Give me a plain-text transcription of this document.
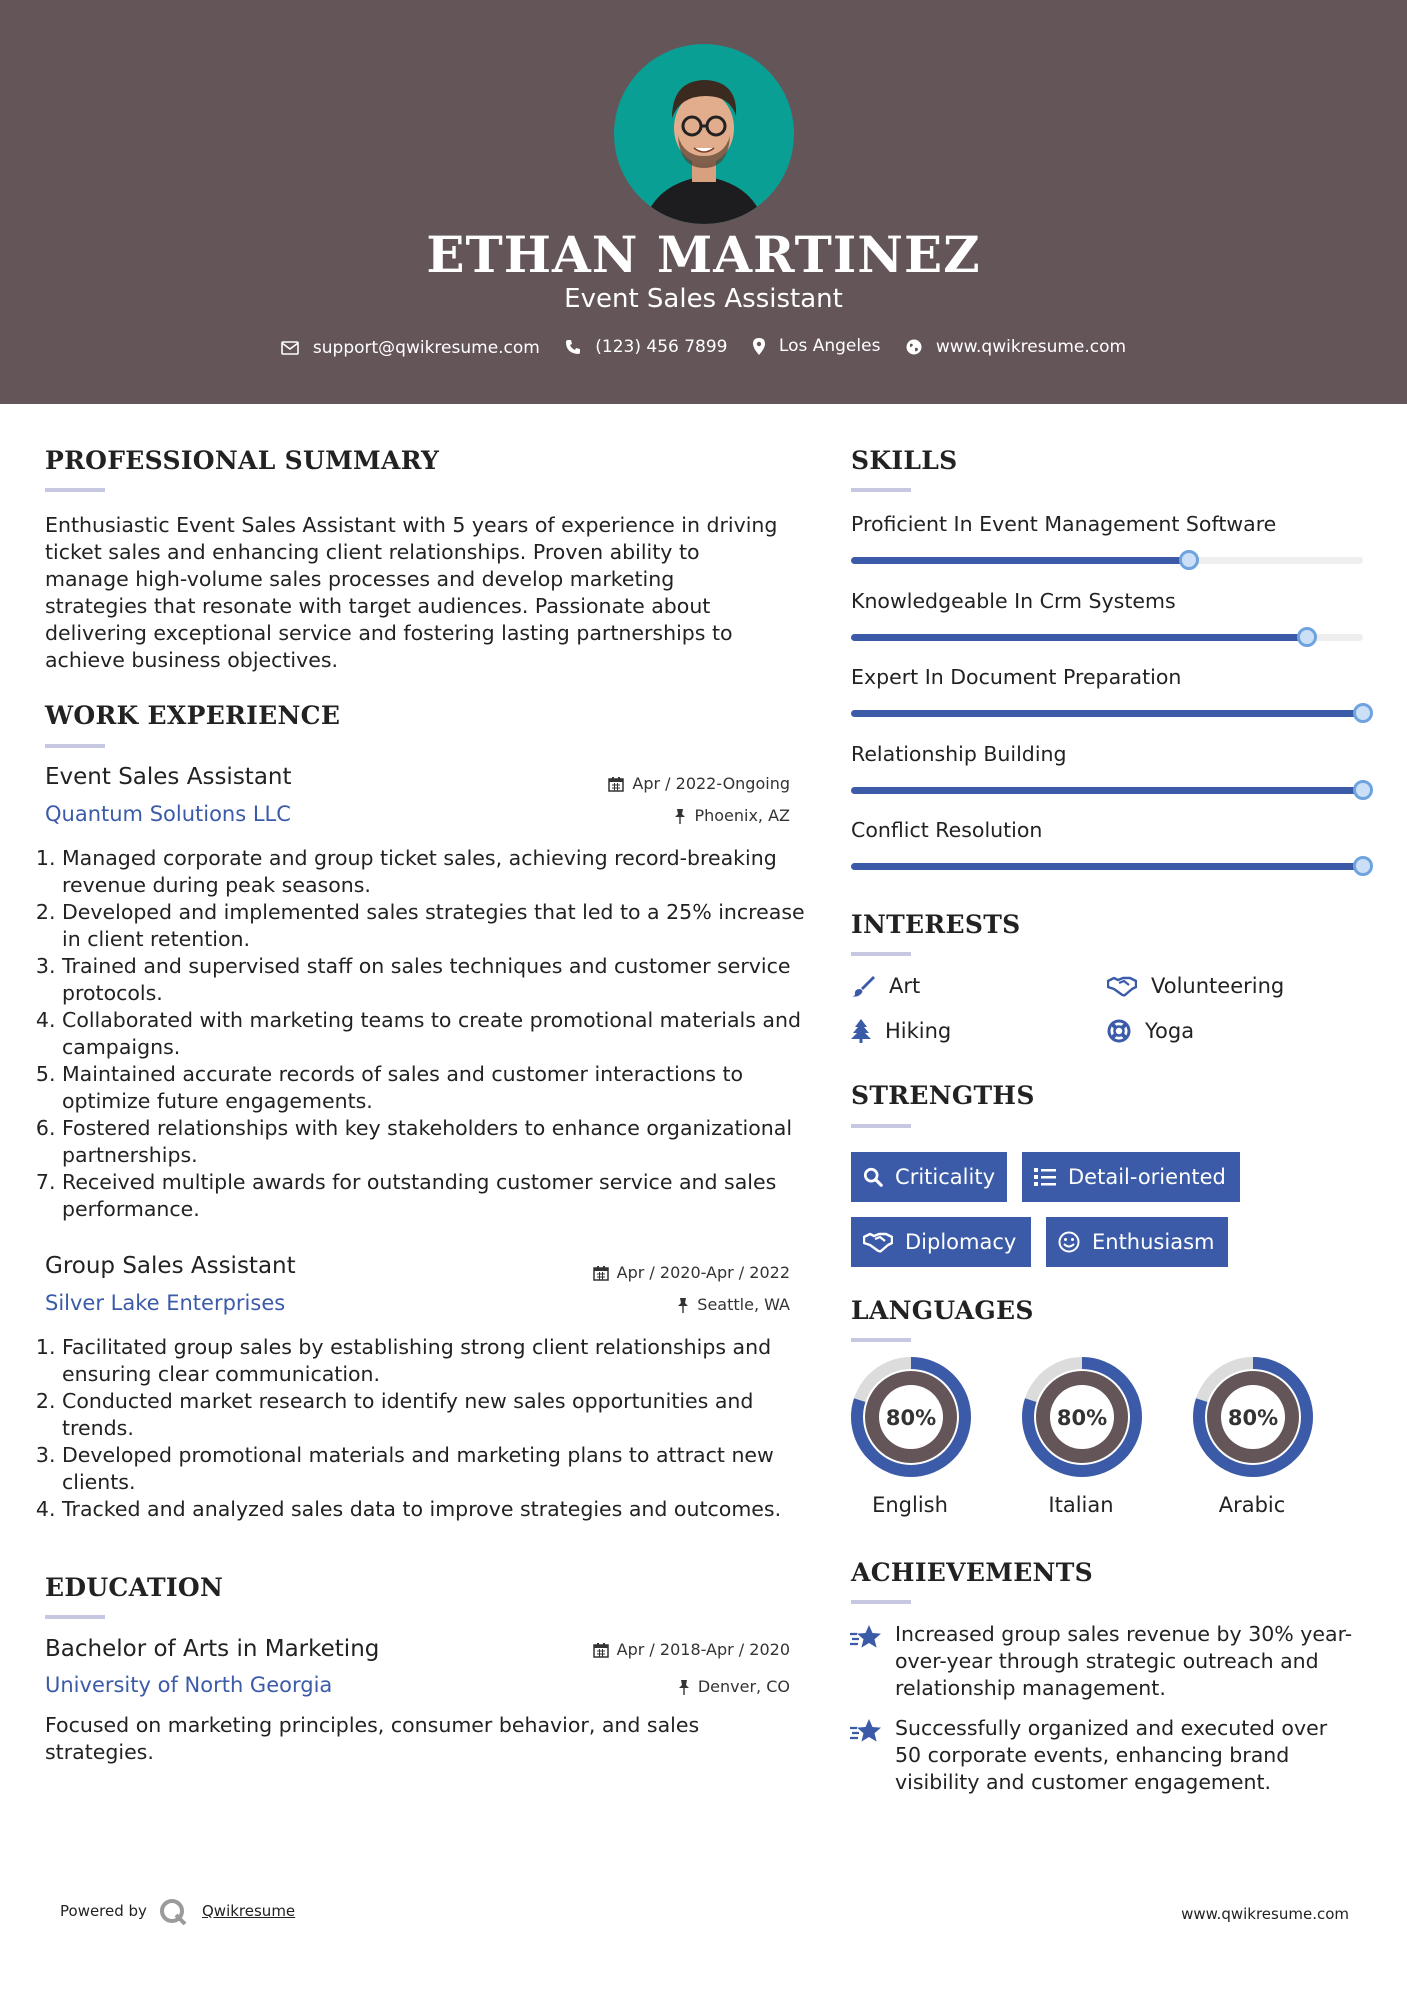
ETHAN MARTINEZ
Event Sales Assistant
support@qwikresume.com
	(123) 456 7899
	Los Angeles
	www.qwikresume.com
PROFESSIONAL SUMMARY
Enthusiastic Event Sales Assistant with 5 years of experience in driving
ticket sales and enhancing client relationships. Proven ability to
manage high-volume sales processes and develop marketing
strategies that resonate with target audiences. Passionate about
delivering exceptional service and fostering lasting partnerships to
achieve business objectives.
WORK EXPERIENCE
Event Sales Assistant	Apr / 2022-Ongoing
Quantum Solutions LLC	Phoenix, AZ
1. Managed corporate and group ticket sales, achieving record-breaking revenue during peak seasons.
2. Developed and implemented sales strategies that led to a 25% increase in client retention.
3. Trained and supervised staff on sales techniques and customer service protocols.
4. Collaborated with marketing teams to create promotional materials and campaigns.
5. Maintained accurate records of sales and customer interactions to optimize future engagements.
6. Fostered relationships with key stakeholders to enhance organizational partnerships.
7. Received multiple awards for outstanding customer service and sales performance.
Group Sales Assistant	Apr / 2020-Apr / 2022
Silver Lake Enterprises	Seattle, WA
1. Facilitated group sales by establishing strong client relationships and ensuring clear communication.
2. Conducted market research to identify new sales opportunities and trends.
3. Developed promotional materials and marketing plans to attract new clients.
4. Tracked and analyzed sales data to improve strategies and outcomes.
EDUCATION
Bachelor of Arts in Marketing	Apr / 2018-Apr / 2020
University of North Georgia	Denver, CO
Focused on marketing principles, consumer behavior, and sales strategies.
SKILLS
Proficient In Event Management Software
Knowledgeable In Crm Systems
Expert In Document Preparation
Relationship Building
Conflict Resolution
INTERESTS
Art	Volunteering
Hiking	Yoga
STRENGTHS
Criticality	Detail-oriented
Diplomacy	Enthusiasm
LANGUAGES
80%
English
80%
Italian
80%
Arabic
ACHIEVEMENTS
Increased group sales revenue by 30% year-over-year through strategic outreach and relationship management.
Successfully organized and executed over 50 corporate events, enhancing brand visibility and customer engagement.
Powered by	Qwikresume	www.qwikresume.com
